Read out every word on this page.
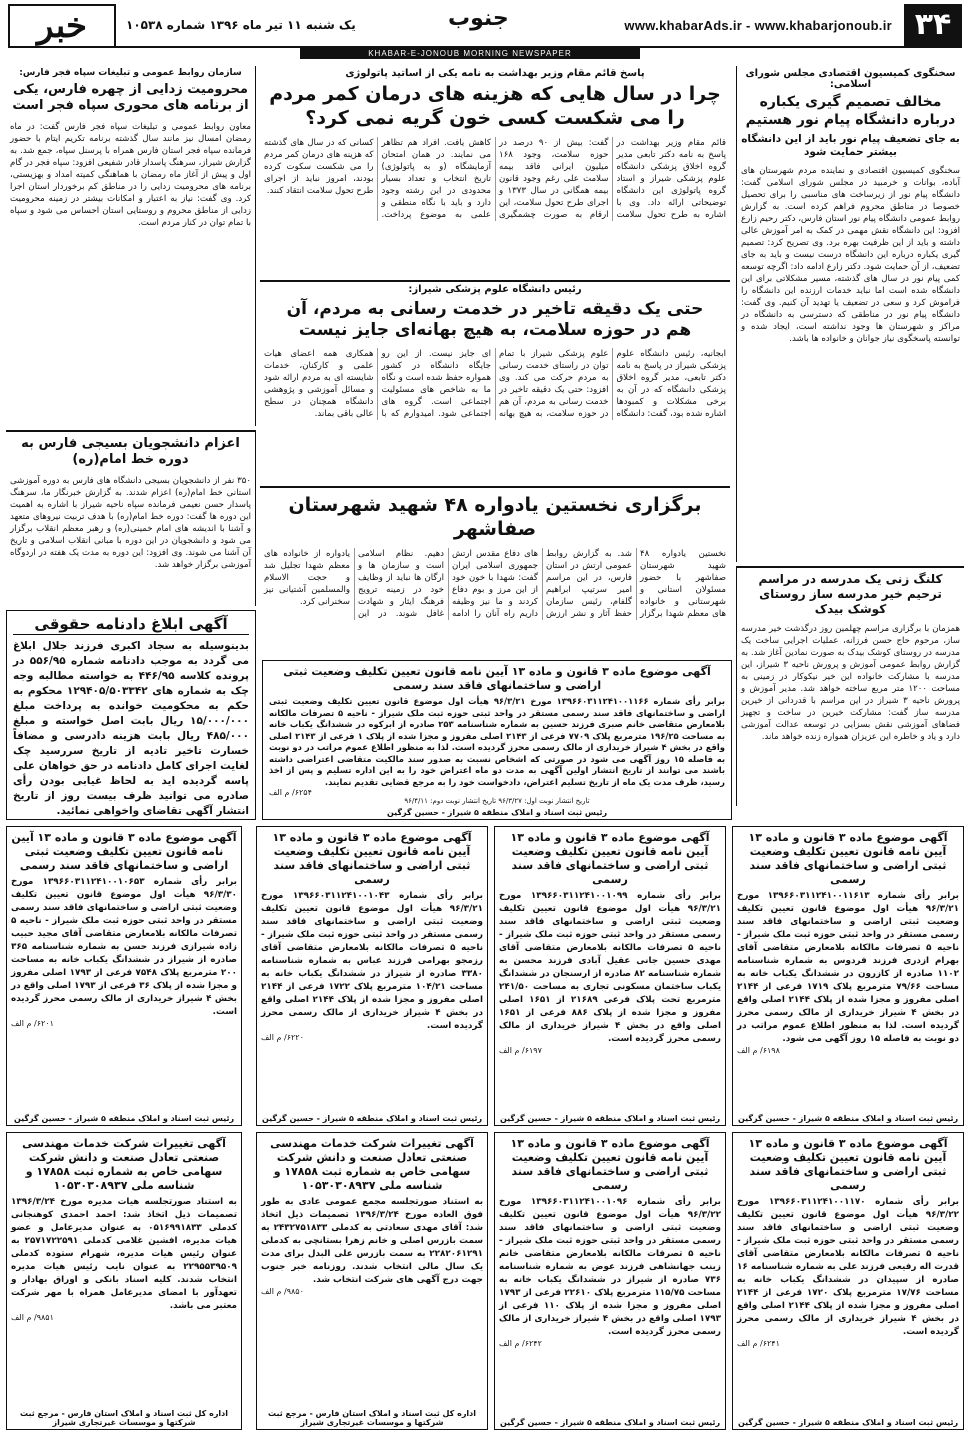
۳۴
www.khabarAds.ir - www.khabarjonoub.ir
جنوب
یک شنبه ۱۱ تیر ماه ۱۳۹۶ شماره ۱۰۵۳۸
خبر
KHABAR-E-JONOUB MORNING NEWSPAPER
سخنگوی کمیسیون اقتصادی مجلس شورای اسلامی:
مخالف تصمیم گیری یکباره درباره دانشگاه پیام نور هستیم
به جای تضعیف پیام نور باید از این دانشگاه بیشتر حمایت شود
سخنگوی کمیسیون اقتصادی و نماینده مردم شهرستان های آباده، بوانات و خرمبید در مجلس شورای اسلامی گفت: دانشگاه پیام نور از زیرساخت های مناسبی را برای تحصیل خصوصا در مناطق محروم فراهم کرده است. به گزارش روابط عمومی دانشگاه پیام نور استان فارس، دکتر رحیم زارع افزود: این دانشگاه نقش مهمی در کمک به امر آموزش عالی داشته و باید از این ظرفیت بهره برد. وی تصریح کرد: تصمیم گیری یکباره درباره این دانشگاه درست نیست و باید به جای تضعیف، از آن حمایت شود. دکتر زارع ادامه داد: اگرچه توسعه کمی پیام نور در سال های گذشته، مسیر مشکلاتی برای این دانشگاه شده است اما نباید خدمات ارزنده این دانشگاه را فراموش کرد و سعی در تضعیف یا تهدید آن کنیم. وی گفت: دانشگاه پیام نور در مناطقی که دسترسی به دانشگاه در مراکز و شهرستان ها وجود نداشته است، ایجاد شده و توانسته پاسخگوی نیاز جوانان و خانواده ها باشد.
کلنگ زنی یک مدرسه در مراسم ترحیم خیر مدرسه ساز روستای کوشک بیدک
همزمان با برگزاری مراسم چهلمین روز درگذشت خیر مدرسه ساز، مرحوم حاج حسن فرزانه، عملیات اجرایی ساخت یک مدرسه در روستای کوشک بیدک به صورت نمادین آغاز شد. به گزارش روابط عمومی آموزش و پرورش ناحیه ۳ شیراز، این مدرسه با مشارکت خانواده این خیر نیکوکار در زمینی به مساحت ۱۲۰۰ متر مربع ساخته خواهد شد. مدیر آموزش و پرورش ناحیه ۳ شیراز در این مراسم با قدردانی از خیرین مدرسه ساز گفت: مشارکت خیرین در ساخت و تجهیز فضاهای آموزشی نقش بسزایی در توسعه عدالت آموزشی دارد و یاد و خاطره این عزیزان همواره زنده خواهد ماند.
پاسخ قائم مقام وزیر بهداشت به نامه یکی از اساتید پاتولوژی
چرا در سال هایی که هزینه های درمان کمر مردم را می شکست کسی خون گریه نمی کرد؟
قائم مقام وزیر بهداشت در پاسخ به نامه دکتر تابعی مدیر گروه اخلاق پزشکی دانشگاه علوم پزشکی شیراز و استاد گروه پاتولوژی این دانشگاه توضیحاتی ارائه داد. وی با اشاره به طرح تحول سلامت گفت: بیش از ۹۰ درصد در حوزه سلامت، وجود ۱۶۸ میلیون ایرانی فاقد بیمه سلامت علی رغم وجود قانون بیمه همگانی در سال ۱۳۷۳ و اجرای طرح تحول سلامت، این ارقام به صورت چشمگیری کاهش یافت. افراد هم تظاهر می نمایند. در همان امتحان آزمایشگاه (و به پاتولوژی) تاریخ انتخاب و تعداد بسیار محدودی در این رشته وجود دارد و باید با نگاه منطقی و علمی به موضوع پرداخت. کسانی که در سال های گذشته که هزینه های درمان کمر مردم را می شکست سکوت کرده بودند، امروز نباید از اجرای طرح تحول سلامت انتقاد کنند.
رئیس دانشگاه علوم پزشکی شیراز:
حتی یک دقیقه تاخیر در خدمت رسانی به مردم، آن هم در حوزه سلامت، به هیچ بهانه‌ای جایز نیست
ابجانیه، رئیس دانشگاه علوم پزشکی شیراز در پاسخ به نامه دکتر تابعی، مدیر گروه اخلاق پزشکی دانشگاه که در آن به برخی مشکلات و کمبودها اشاره شده بود، گفت: دانشگاه علوم پزشکی شیراز با تمام توان در راستای خدمت رسانی به مردم حرکت می کند. وی افزود: حتی یک دقیقه تاخیر در خدمت رسانی به مردم، آن هم در حوزه سلامت، به هیچ بهانه ای جایز نیست. از این رو جایگاه دانشگاه در کشور همواره حفظ شده است و نگاه ما به شاخص های مسئولیت اجتماعی است. گروه های اجتماعی شود. امیدوارم که با همکاری همه اعضای هیات علمی و کارکنان، خدمات شایسته ای به مردم ارائه شود و مسائل آموزشی و پژوهشی دانشگاه همچنان در سطح عالی باقی بماند.
برگزاری نخستین یادواره ۴۸ شهید شهرستان صفاشهر
نخستین یادواره ۴۸ شهید شهرستان صفاشهر با حضور مسئولان استانی و شهرستانی و خانواده های معظم شهدا برگزار شد. به گزارش روابط عمومی ارتش در استان فارس، در این مراسم امیر سرتیپ ابراهیم گلفام، رئیس سازمان حفظ آثار و نشر ارزش های دفاع مقدس ارتش جمهوری اسلامی ایران گفت: شهدا با خون خود از این مرز و بوم دفاع کردند و ما نیز وظیفه داریم راه آنان را ادامه دهیم. نظام اسلامی است و سازمان ها و ارگان ها نباید از وظایف خود در زمینه ترویج فرهنگ ایثار و شهادت غافل شوند. در این یادواره از خانواده های معظم شهدا تجلیل شد و حجت الاسلام والمسلمین آشتیانی نیز سخنرانی کرد.
سازمان روابط عمومی و تبلیغات سپاه فجر فارس:
محرومیت زدایی از چهره فارس، یکی از برنامه های محوری سپاه فجر است
معاون روابط عمومی و تبلیغات سپاه فجر فارس گفت: در ماه رمضان امسال نیز مانند سال گذشته برنامه تکریم ایتام با حضور فرمانده سپاه فجر استان فارس همراه با پرسنل سپاه، جمع شد. به گزارش شیراز، سرهنگ پاسدار قادر شفیعی افزود: سپاه فجر در گام اول و پیش از آغاز ماه رمضان با هماهنگی کمیته امداد و بهزیستی، برنامه های محرومیت زدایی را در مناطق کم برخوردار استان اجرا کرد. وی گفت: نیاز به اعتبار و امکانات بیشتر در زمینه محرومیت زدایی از مناطق محروم و روستایی استان احساس می شود و سپاه با تمام توان در کنار مردم است.
اعزام دانشجویان بسیجی فارس به دوره خط امام(ره)
۳۵۰ نفر از دانشجویان بسیجی دانشگاه های فارس به دوره آموزشی استانی خط امام(ره) اعزام شدند. به گزارش خبرنگار ما، سرهنگ پاسدار حسن نعیمی فرمانده سپاه ناحیه شیراز با اشاره به اهمیت این دوره ها گفت: دوره خط امام(ره) با هدف تربیت نیروهای متعهد و آشنا با اندیشه های امام خمینی(ره) و رهبر معظم انقلاب برگزار می شود و دانشجویان در این دوره با مبانی انقلاب اسلامی و تاریخ آن آشنا می شوند. وی افزود: این دوره به مدت یک هفته در اردوگاه آموزشی برگزار خواهد شد.
آگهی ابلاغ دادنامه حقوقی
بدینوسیله به سجاد اکبری فرزند جلال ابلاغ می گردد به موجب دادنامه شماره ۵۵۶/۹۵ در پرونده کلاسه ۴۴۶/۹۵ به خواسته مطالبه وجه چک به شماره های ۱۲۹۴۰۵/۵۰۳۳۴۲ محکوم به حکم به محکومیت خوانده به پرداخت مبلغ ۱۵/۰۰۰/۰۰۰ ریال بابت اصل خواسته و مبلغ ۴۸۵/۰۰۰ ریال بابت هزینه دادرسی و مضافاً خسارت تاخیر تادیه از تاریخ سررسید چک لغایت اجرای کامل دادنامه در حق خواهان علی پاسه گردیده اید به لحاظ غیابی بودن رأی صادره می توانید ظرف بیست روز از تاریخ انتشار آگهی تقاضای واخواهی نمائید.
آگهی موضوع ماده ۳ قانون و ماده ۱۳ آیین نامه قانون تعیین تکلیف وضعیت ثبتی اراضی و ساختمانهای فاقد سند رسمی
برابر رأی شماره ۱۳۹۶۶۰۳۱۱۲۴۱۰۰۱۱۶۶ مورخ ۹۶/۳/۲۱ هیأت اول موضوع قانون تعیین تکلیف وضعیت ثبتی اراضی و ساختمانهای فاقد سند رسمی مستقر در واحد ثبتی حوزه ثبت ملک شیراز - ناحیه ۵ تصرفات مالکانه بلامعارض متقاضی خانم صبری فرزند حسین به شماره شناسنامه ۲۵۳ صادره از ابرکوه در ششدانگ یکباب خانه به مساحت ۱۹۶/۲۵ مترمربع پلاک ۷۷۰۹ فرعی از ۲۱۴۳ اصلی مفروز و مجزا شده از پلاک ۱ فرعی از ۲۱۴۳ اصلی واقع در بخش ۴ شیراز خریداری از مالک رسمی محرز گردیده است. لذا به منظور اطلاع عموم مراتب در دو نوبت به فاصله ۱۵ روز آگهی می شود در صورتی که اشخاص نسبت به صدور سند مالکیت متقاضی اعتراضی داشته باشند می توانند از تاریخ انتشار اولین آگهی به مدت دو ماه اعتراض خود را به این اداره تسلیم و پس از اخذ رسید، ظرف مدت یک ماه از تاریخ تسلیم اعتراض، دادخواست خود را به مرجع قضایی تقدیم نمایند.
۶۲۵۴/ م الف
تاریخ انتشار نوبت اول: ۹۶/۳/۲۷ تاریخ انتشار نوبت دوم: ۹۶/۴/۱۱
رئیس ثبت اسناد و املاک منطقه ۵ شیراز - حسین گرگین
آگهی موضوع ماده ۳ قانون و ماده ۱۳ آیین نامه قانون تعیین تکلیف وضعیت ثبتی اراضی و ساختمانهای فاقد سند رسمی
برابر رأی شماره ۱۳۹۶۶۰۳۱۱۲۴۱۰۰۱۱۶۱۳ مورخ ۹۶/۳/۲۱ هیأت اول موضوع قانون تعیین تکلیف وضعیت ثبتی اراضی و ساختمانهای فاقد سند رسمی مستقر در واحد ثبتی حوزه ثبت ملک شیراز - ناحیه ۵ تصرفات مالکانه بلامعارض متقاضی آقای بهرام ازدری فرزند فردوس به شماره شناسنامه ۱۱۰۲ صادره از کازرون در ششدانگ یکباب خانه به مساحت ۷۹/۶۶ مترمربع پلاک ۱۷۱۹ فرعی از ۲۱۴۴ اصلی مفروز و مجزا شده از پلاک ۲۱۴۴ اصلی واقع در بخش ۴ شیراز خریداری از مالک رسمی محرز گردیده است. لذا به منظور اطلاع عموم مراتب در دو نوبت به فاصله ۱۵ روز آگهی می شود.
۶۱۹۸/ م الف
رئیس ثبت اسناد و املاک منطقه ۵ شیراز - حسین گرگین
آگهی موضوع ماده ۳ قانون و ماده ۱۳ آیین نامه قانون تعیین تکلیف وضعیت ثبتی اراضی و ساختمانهای فاقد سند رسمی
برابر رأی شماره ۱۳۹۶۶۰۳۱۱۲۴۱۰۰۱۰۹۹ مورخ ۹۶/۳/۲۱ هیأت اول موضوع قانون تعیین تکلیف وضعیت ثبتی اراضی و ساختمانهای فاقد سند رسمی مستقر در واحد ثبتی حوزه ثبت ملک شیراز - ناحیه ۵ تصرفات مالکانه بلامعارض متقاضی آقای مهدی حسین جانی عقیل آبادی فرزند محسن به شماره شناسنامه ۸۲ صادره از ارسنجان در ششدانگ یکباب ساختمان مسکونی تجاری به مساحت ۲۴۱/۵۰ مترمربع تحت پلاک فرعی ۲۱۶۸۹ از ۱۶۵۱ اصلی مفروز و مجزا شده از پلاک ۸۸۶ فرعی از ۱۶۵۱ اصلی واقع در بخش ۴ شیراز خریداری از مالک رسمی محرز گردیده است.
۶۱۹۷/ م الف
رئیس ثبت اسناد و املاک منطقه ۵ شیراز - حسین گرگین
آگهی موضوع ماده ۳ قانون و ماده ۱۳ آیین نامه قانون تعیین تکلیف وضعیت ثبتی اراضی و ساختمانهای فاقد سند رسمی
برابر رأی شماره ۱۳۹۶۶۰۳۱۱۲۴۱۰۰۱۰۴۳ مورخ ۹۶/۳/۲۱ هیأت اول موضوع قانون تعیین تکلیف وضعیت ثبتی اراضی و ساختمانهای فاقد سند رسمی مستقر در واحد ثبتی حوزه ثبت ملک شیراز - ناحیه ۵ تصرفات مالکانه بلامعارض متقاضی آقای رزمجو بهرامی فرزند عباس به شماره شناسنامه ۳۳۸۰ صادره از شیراز در ششدانگ یکباب خانه به مساحت ۱۰۴/۲۱ مترمربع پلاک ۱۷۲۲ فرعی از ۲۱۴۴ اصلی مفروز و مجزا شده از پلاک ۲۱۴۴ اصلی واقع در بخش ۴ شیراز خریداری از مالک رسمی محرز گردیده است.
۶۲۲۰/ م الف
رئیس ثبت اسناد و املاک منطقه ۵ شیراز - حسین گرگین
آگهی موضوع ماده ۳ قانون و ماده ۱۳ آیین نامه قانون تعیین تکلیف وضعیت ثبتی اراضی و ساختمانهای فاقد سند رسمی
برابر رأی شماره ۱۳۹۶۶۰۳۱۱۲۴۱۰۰۱۰۶۵۳ مورخ ۹۶/۳/۳۰ هیأت اول موضوع قانون تعیین تکلیف وضعیت ثبتی اراضی و ساختمانهای فاقد سند رسمی مستقر در واحد ثبتی حوزه ثبت ملک شیراز - ناحیه ۵ تصرفات مالکانه بلامعارض متقاضی آقای مجید حبیب زاده شیرازی فرزند حسن به شماره شناسنامه ۳۶۵ صادره از شیراز در ششدانگ یکباب خانه به مساحت ۲۰۰ مترمربع پلاک ۷۵۴۸ فرعی از ۱۷۹۳ اصلی مفروز و مجزا شده از پلاک ۳۶ فرعی از ۱۷۹۳ اصلی واقع در بخش ۴ شیراز خریداری از مالک رسمی محرز گردیده است.
۶۲۰۱/ م الف
رئیس ثبت اسناد و املاک منطقه ۵ شیراز - حسین گرگین
آگهی موضوع ماده ۳ قانون و ماده ۱۳ آیین نامه قانون تعیین تکلیف وضعیت ثبتی اراضی و ساختمانهای فاقد سند رسمی
برابر رأی شماره ۱۳۹۶۶۰۳۱۱۲۴۱۰۰۱۱۷۰ مورخ ۹۶/۳/۲۲ هیأت اول موضوع قانون تعیین تکلیف وضعیت ثبتی اراضی و ساختمانهای فاقد سند رسمی مستقر در واحد ثبتی حوزه ثبت ملک شیراز - ناحیه ۵ تصرفات مالکانه بلامعارض متقاضی آقای قدرت اله رفیعی فرزند علی به شماره شناسنامه ۱۶ صادره از سپیدان در ششدانگ یکباب خانه به مساحت ۱۷/۷۶ مترمربع پلاک ۱۷۲۰ فرعی از ۲۱۴۴ اصلی مفروز و مجزا شده از پلاک ۲۱۴۴ اصلی واقع در بخش ۴ شیراز خریداری از مالک رسمی محرز گردیده است.
۶۲۴۱/ م الف
رئیس ثبت اسناد و املاک منطقه ۵ شیراز - حسین گرگین
آگهی موضوع ماده ۳ قانون و ماده ۱۳ آیین نامه قانون تعیین تکلیف وضعیت ثبتی اراضی و ساختمانهای فاقد سند رسمی
برابر رأی شماره ۱۳۹۶۶۰۳۱۱۲۴۱۰۰۱۰۹۶ مورخ ۹۶/۳/۲۲ هیأت اول موضوع قانون تعیین تکلیف وضعیت ثبتی اراضی و ساختمانهای فاقد سند رسمی مستقر در واحد ثبتی حوزه ثبت ملک شیراز - ناحیه ۵ تصرفات مالکانه بلامعارض متقاضی خانم زینب جهانشاهی فرزند عوض به شماره شناسنامه ۷۳۶ صادره از شیراز در ششدانگ یکباب خانه به مساحت ۱۱۵/۷۵ مترمربع پلاک ۲۲۶۱۰ فرعی از ۱۷۹۳ اصلی مفروز و مجزا شده از پلاک ۱۱۰ فرعی از ۱۷۹۳ اصلی واقع در بخش ۴ شیراز خریداری از مالک رسمی محرز گردیده است.
۶۲۴۲/ م الف
رئیس ثبت اسناد و املاک منطقه ۵ شیراز - حسین گرگین
آگهی تغییرات شرکت خدمات مهندسی صنعتی تعادل صنعت و دانش شرکت سهامی خاص به شماره ثبت ۱۷۸۵۸ و شناسه ملی ۱۰۵۳۰۳۰۸۹۳۷
به استناد صورتجلسه مجمع عمومی عادی به طور فوق العاده مورخ ۱۳۹۶/۳/۲۴ تصمیمات ذیل اتخاذ شد: آقای مهدی سعادتی به کدملی ۲۴۳۲۷۵۱۸۳۳ به سمت بازرس اصلی و خانم زهرا بستانچی به کدملی ۲۲۸۲۰۶۱۲۹۱ به سمت بازرس علی البدل برای مدت یک سال مالی انتخاب شدند. روزنامه خبر جنوب جهت درج آگهی های شرکت انتخاب شد.
۹۸۵۰/ م الف
اداره کل ثبت اسناد و املاک استان فارس - مرجع ثبت شرکتها و موسسات غیرتجاری شیراز
آگهی تغییرات شرکت خدمات مهندسی صنعتی تعادل صنعت و دانش شرکت سهامی خاص به شماره ثبت ۱۷۸۵۸ و شناسه ملی ۱۰۵۳۰۳۰۸۹۳۷
به استناد صورتجلسه هیات مدیره مورخ ۱۳۹۶/۳/۲۴ تصمیمات ذیل اتخاذ شد: احمد احمدی کوهنجانی کدملی ۰۵۱۶۹۹۱۸۳۳ به عنوان مدیرعامل و عضو هیات مدیره، افشین غلامی کدملی ۲۵۷۱۷۲۲۵۹۱ به عنوان رئیس هیات مدیره، شهرام ستوده کدملی ۲۲۹۵۵۳۹۵۰۹ به عنوان نایب رئیس هیات مدیره انتخاب شدند. کلیه اسناد بانکی و اوراق بهادار و تعهدآور با امضای مدیرعامل همراه با مهر شرکت معتبر می باشد.
۹۸۵۱/ م الف
اداره کل ثبت اسناد و املاک استان فارس - مرجع ثبت شرکتها و موسسات غیرتجاری شیراز
